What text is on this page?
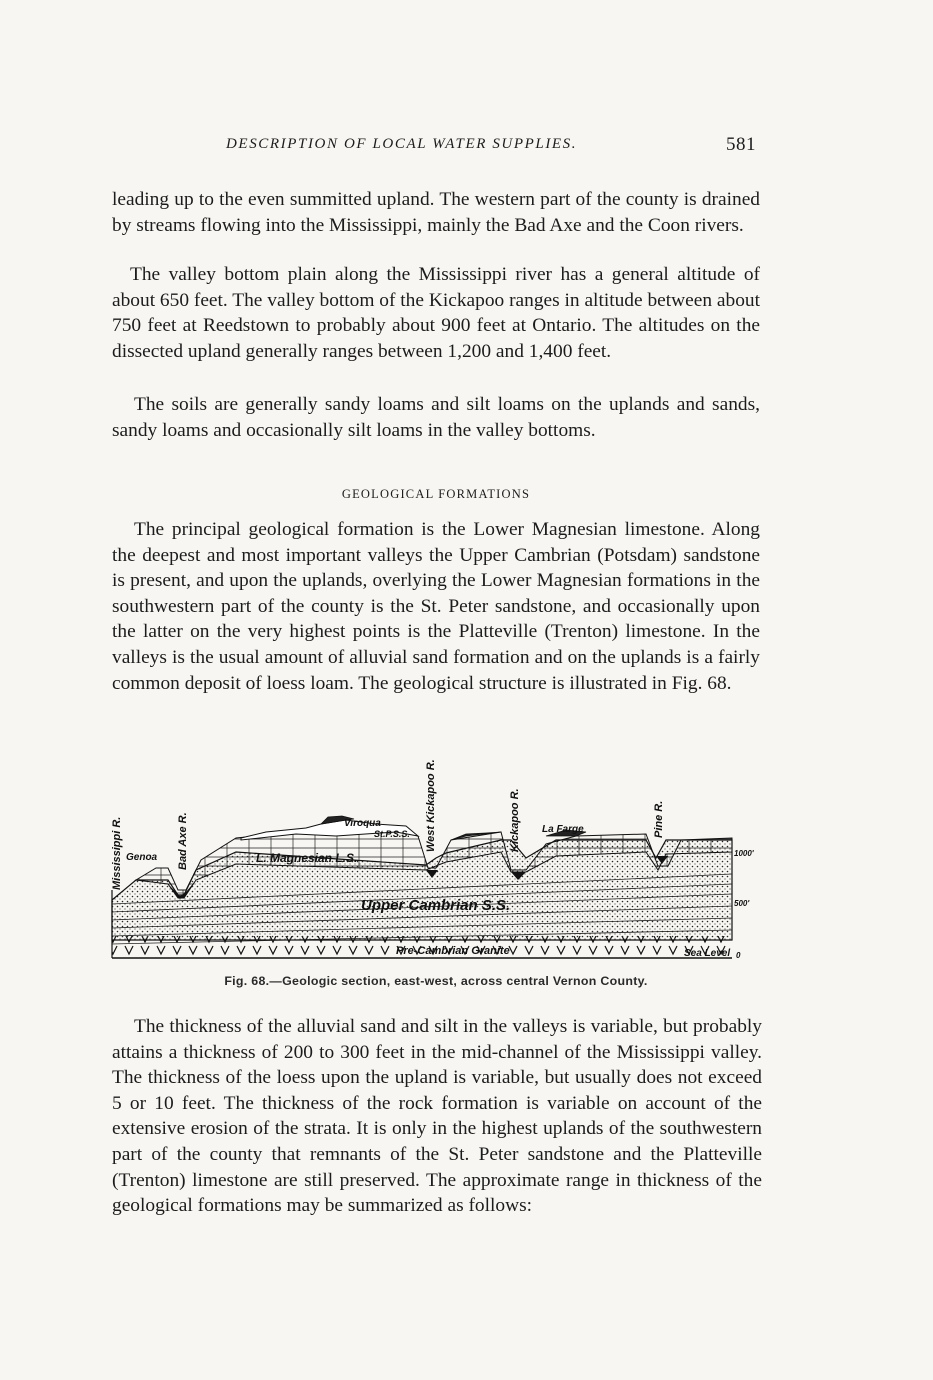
DESCRIPTION OF LOCAL WATER SUPPLIES.	581

leading up to the even summitted upland. The western part of the county is drained by streams flowing into the Mississippi, mainly the Bad Axe and the Coon rivers.

The valley bottom plain along the Mississippi river has a general altitude of about 650 feet. The valley bottom of the Kickapoo ranges in altitude between about 750 feet at Reedstown to probably about 900 feet at Ontario. The altitudes on the dissected upland generally ranges between 1,200 and 1,400 feet.

The soils are generally sandy loams and silt loams on the uplands and sands, sandy loams and occasionally silt loams in the valley bottoms.

GEOLOGICAL FORMATIONS

The principal geological formation is the Lower Magnesian limestone. Along the deepest and most important valleys the Upper Cambrian (Potsdam) sandstone is present, and upon the uplands, overlying the Lower Magnesian formations in the southwestern part of the county is the St. Peter sandstone, and occasionally upon the latter on the very highest points is the Platteville (Trenton) limestone. In the valleys is the usual amount of alluvial sand formation and on the uplands is a fairly common deposit of loess loam. The geological structure is illustrated in Fig. 68.

Mississippi R.	Bad Axe R.	West Kickapoo R.	Kickapoo R.	Pine R.
Genoa
Viroqua
St.P.S.S.
L. Magnesian L.S.
La Farge
Upper Cambrian S.S.
Pre-Cambrian Granite	Sea Level
1000'
500'
0
Fig. 68.—Geologic section, east-west, across central Vernon County.

The thickness of the alluvial sand and silt in the valleys is variable, but probably attains a thickness of 200 to 300 feet in the mid-channel of the Mississippi valley. The thickness of the loess upon the upland is variable, but usually does not exceed 5 or 10 feet. The thickness of the rock formation is variable on account of the extensive erosion of the strata. It is only in the highest uplands of the southwestern part of the county that remnants of the St. Peter sandstone and the Platteville (Trenton) limestone are still preserved. The approximate range in thickness of the geological formations may be summarized as follows:
